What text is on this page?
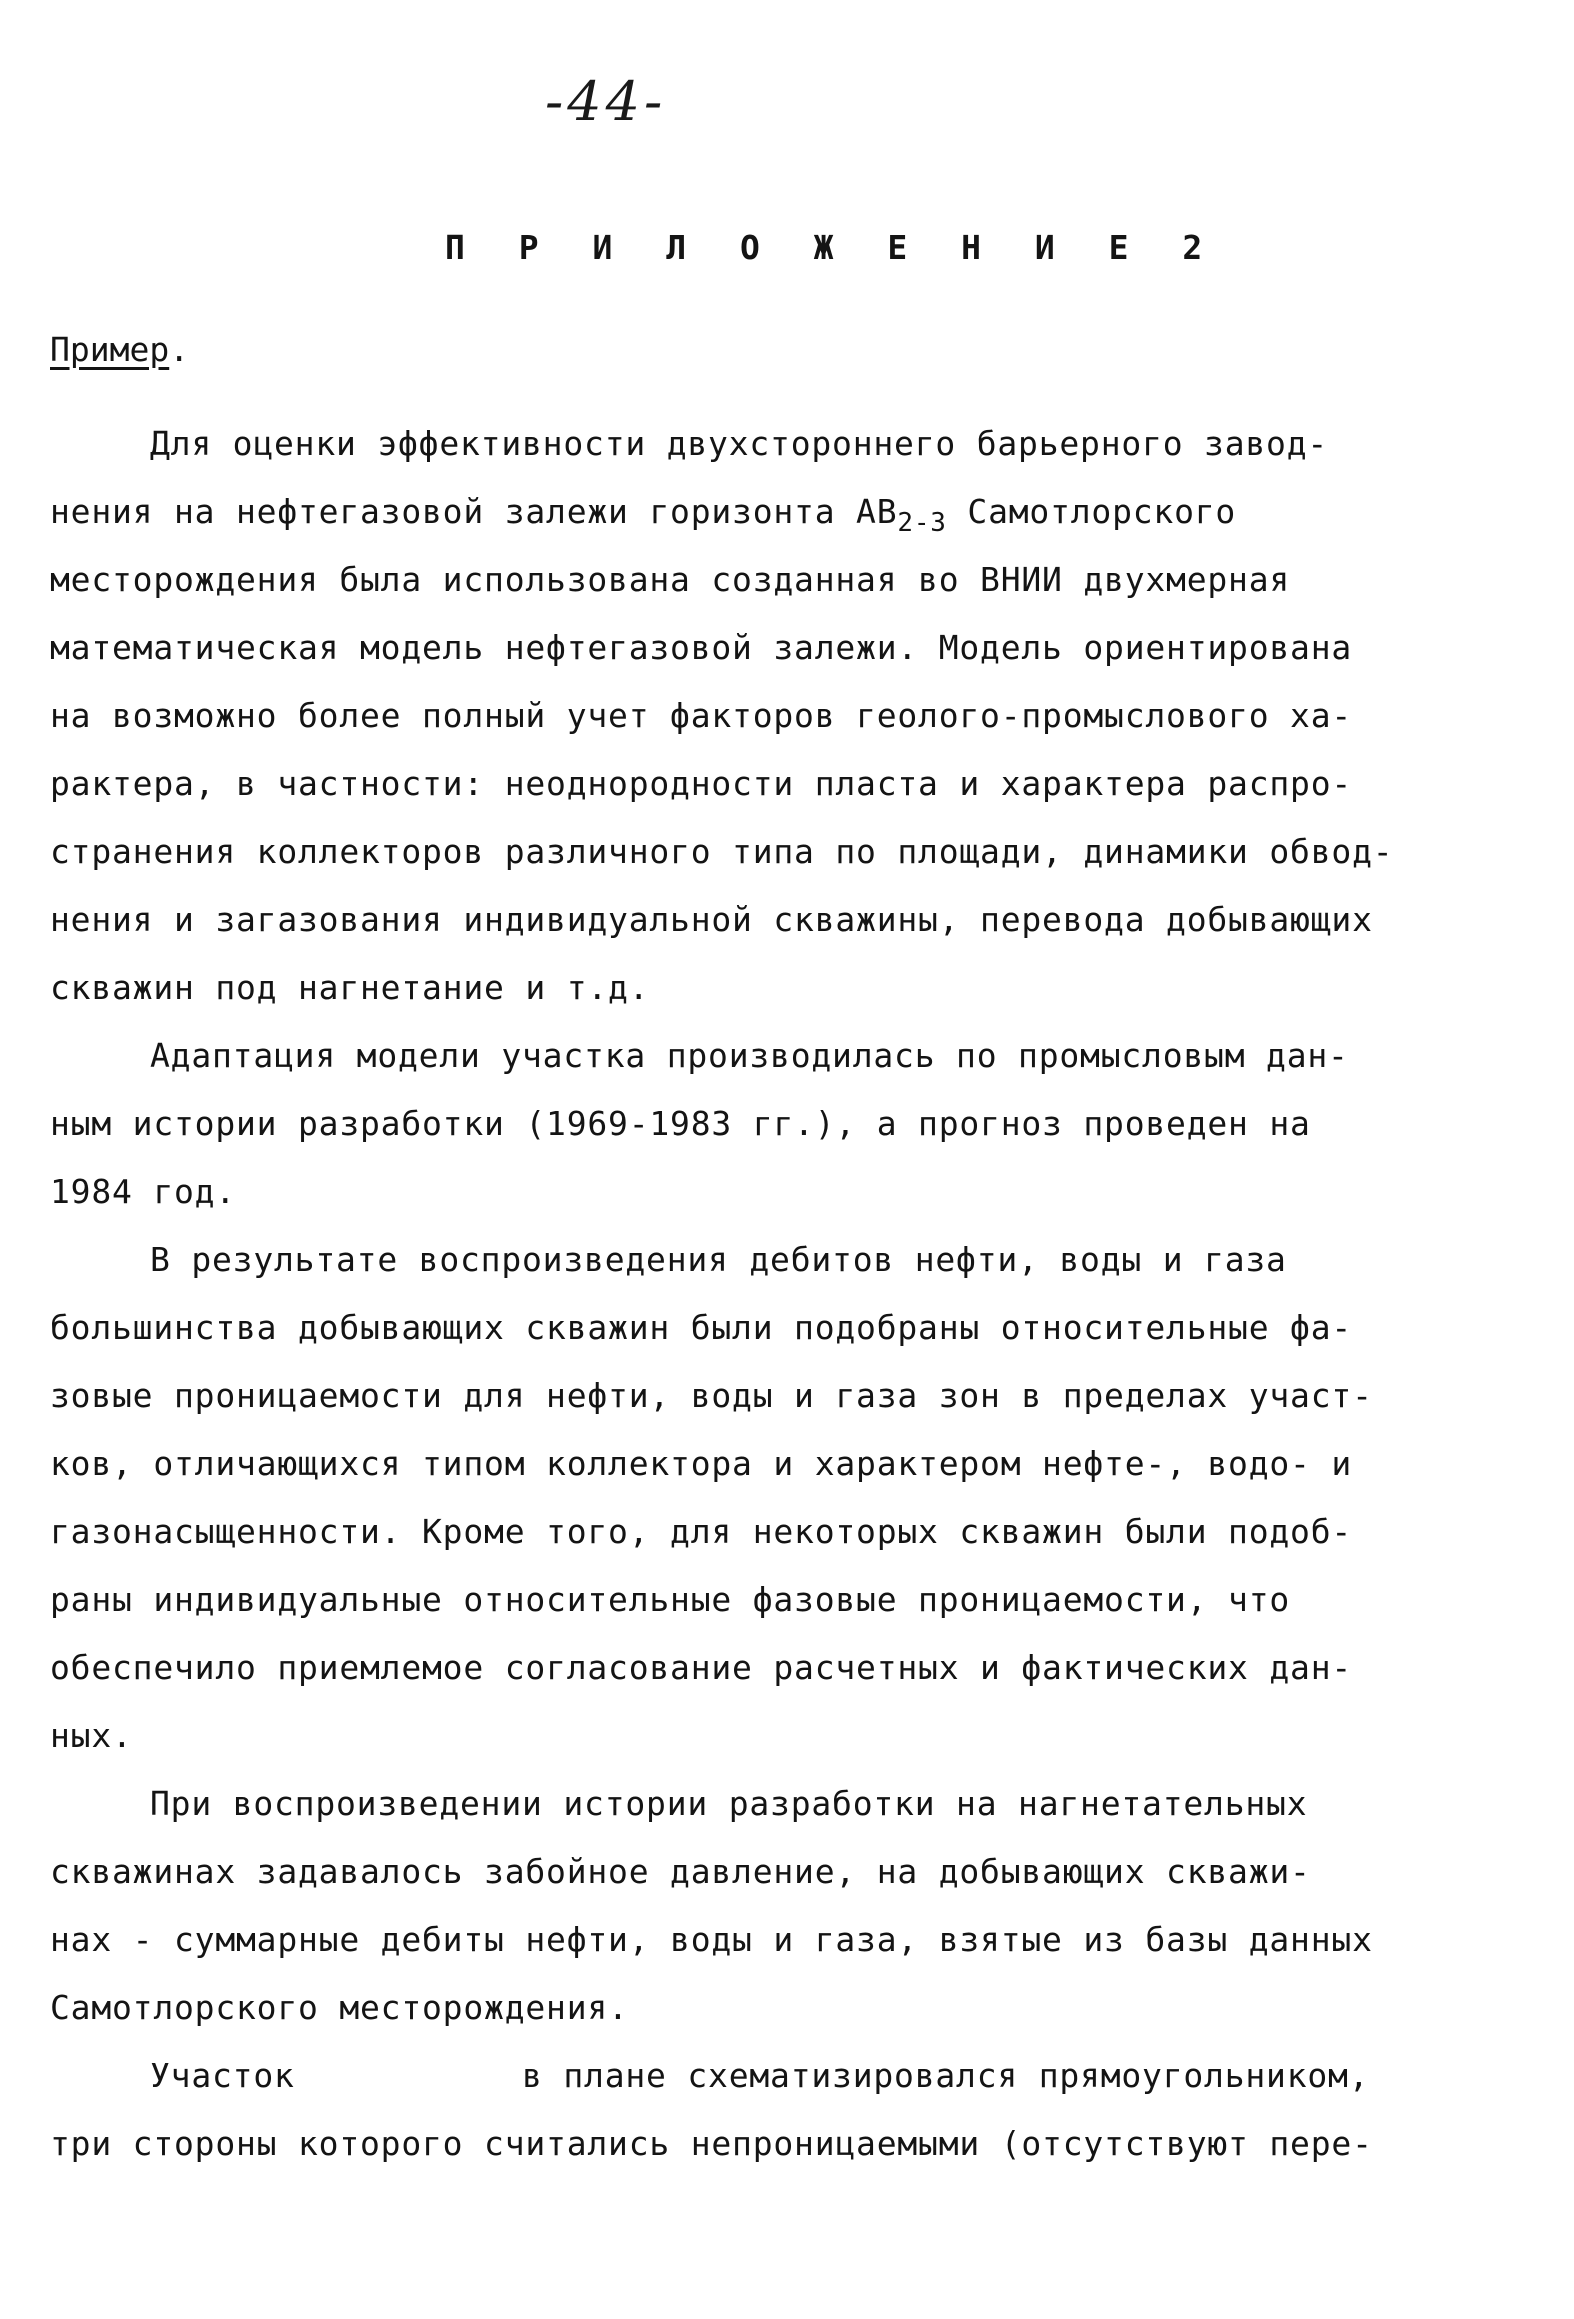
-44-
П Р И Л О Ж Е Н И Е 2
Пример.
Для оценки эффективности двухстороннего барьерного завод-
нения на нефтегазовой залежи горизонта $АВ_{2-3}$ Самотлорского
месторождения была использована созданная во ВНИИ двухмерная
математическая модель нефтегазовой залежи. Модель ориентирована
на возможно более полный учет факторов геолого-промыслового ха-
рактера, в частности: неоднородности пласта и характера распро-
странения коллекторов различного типа по площади, динамики обвод-
нения и загазования индивидуальной скважины, перевода добывающих
скважин под нагнетание и т.д.
Адаптация модели участка производилась по промысловым дан-
ным истории разработки (1969-1983 гг.), а прогноз проведен на
1984 год.
В результате воспроизведения дебитов нефти, воды и газа
большинства добывающих скважин были подобраны относительные фа-
зовые проницаемости для нефти, воды и газа зон в пределах участ-
ков, отличающихся типом коллектора и характером нефте-, водо- и
газонасыщенности. Кроме того, для некоторых скважин были подоб-
раны индивидуальные относительные фазовые проницаемости, что
обеспечило приемлемое согласование расчетных и фактических дан-
ных.
При воспроизведении истории разработки на нагнетательных
скважинах задавалось забойное давление, на добывающих скважи-
нах - суммарные дебиты нефти, воды и газа, взятые из базы данных
Самотлорского месторождения.
Участок           в плане схематизировался прямоугольником,
три стороны которого считались непроницаемыми (отсутствуют пере-
